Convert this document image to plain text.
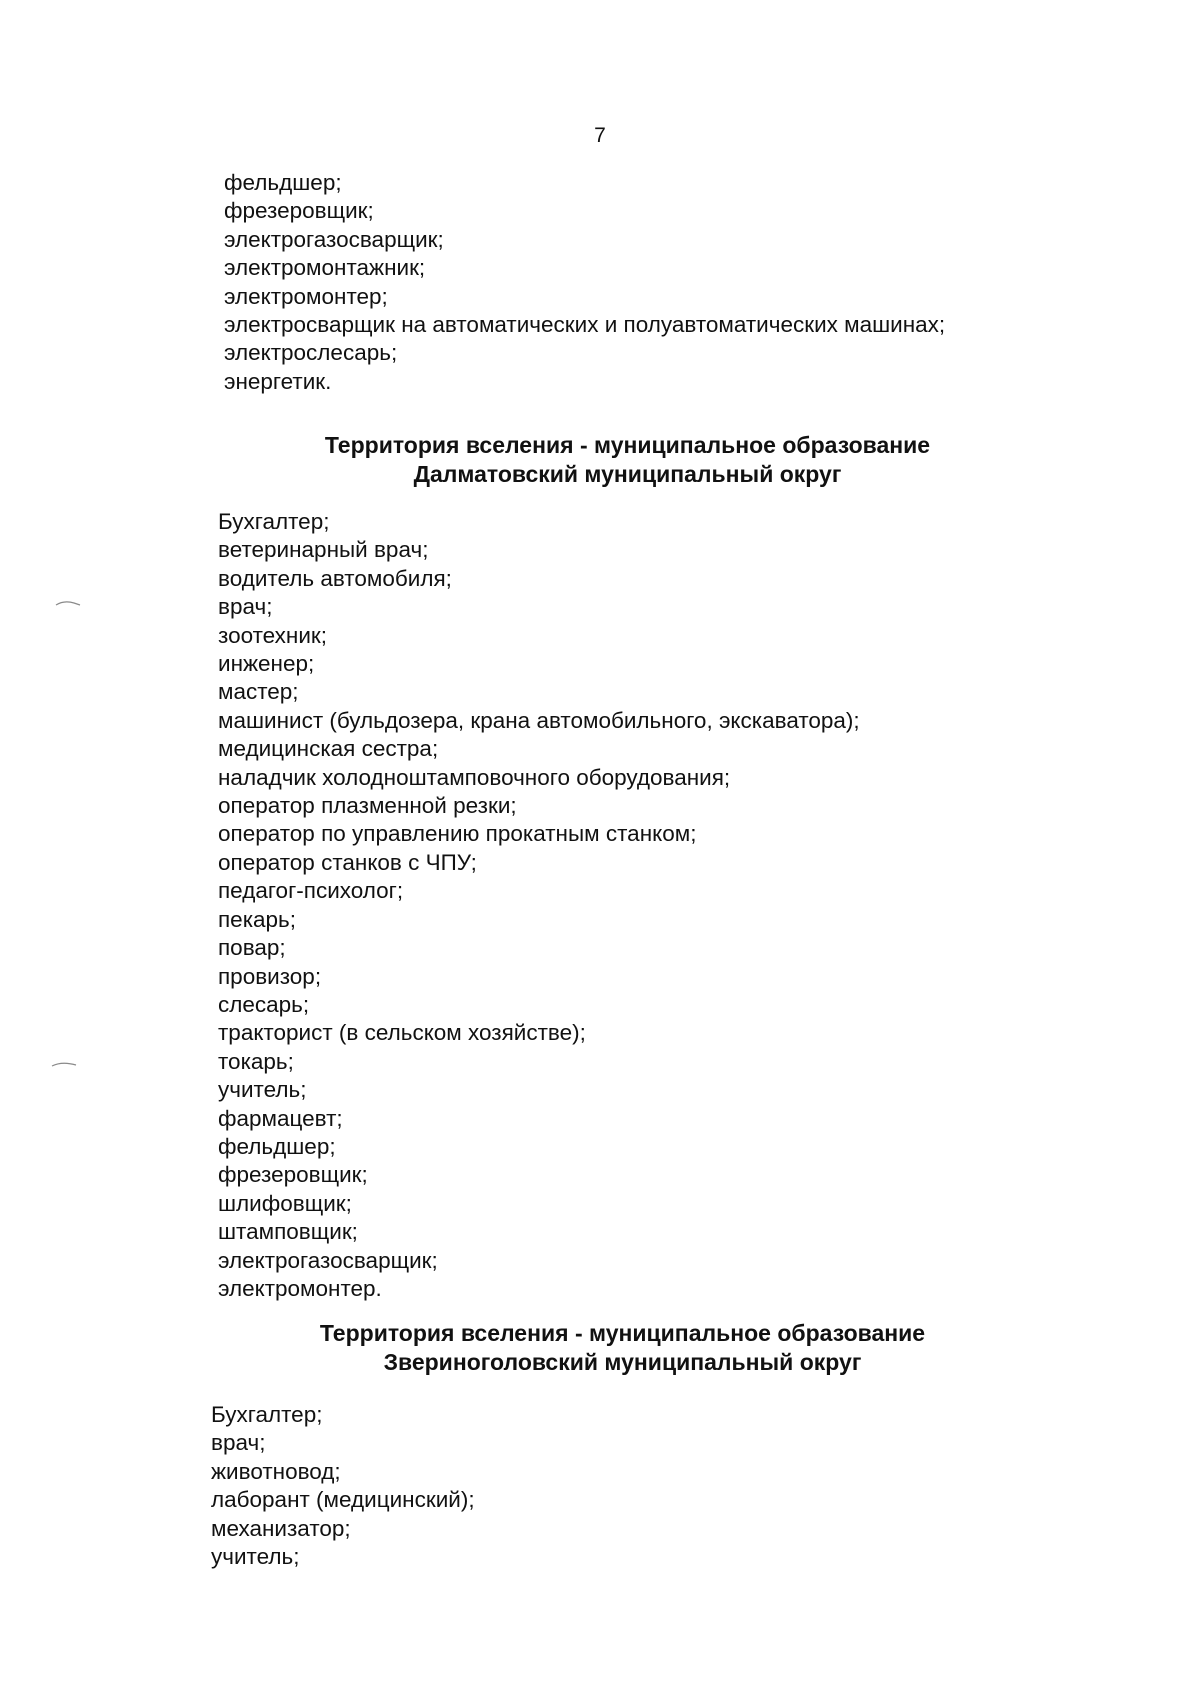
7
фельдшер;
фрезеровщик;
электрогазосварщик;
электромонтажник;
электромонтер;
электросварщик на автоматических и полуавтоматических машинах;
электрослесарь;
энергетик.
Территория вселения - муниципальное образование
Далматовский муниципальный округ
Бухгалтер;
ветеринарный врач;
водитель автомобиля;
врач;
зоотехник;
инженер;
мастер;
машинист (бульдозера, крана автомобильного, экскаватора);
медицинская сестра;
наладчик холодноштамповочного оборудования;
оператор плазменной резки;
оператор по управлению прокатным станком;
оператор станков с ЧПУ;
педагог-психолог;
пекарь;
повар;
провизор;
слесарь;
тракторист (в сельском хозяйстве);
токарь;
учитель;
фармацевт;
фельдшер;
фрезеровщик;
шлифовщик;
штамповщик;
электрогазосварщик;
электромонтер.
Территория вселения - муниципальное образование
Звериноголовский муниципальный округ
Бухгалтер;
врач;
животновод;
лаборант (медицинский);
механизатор;
учитель;
